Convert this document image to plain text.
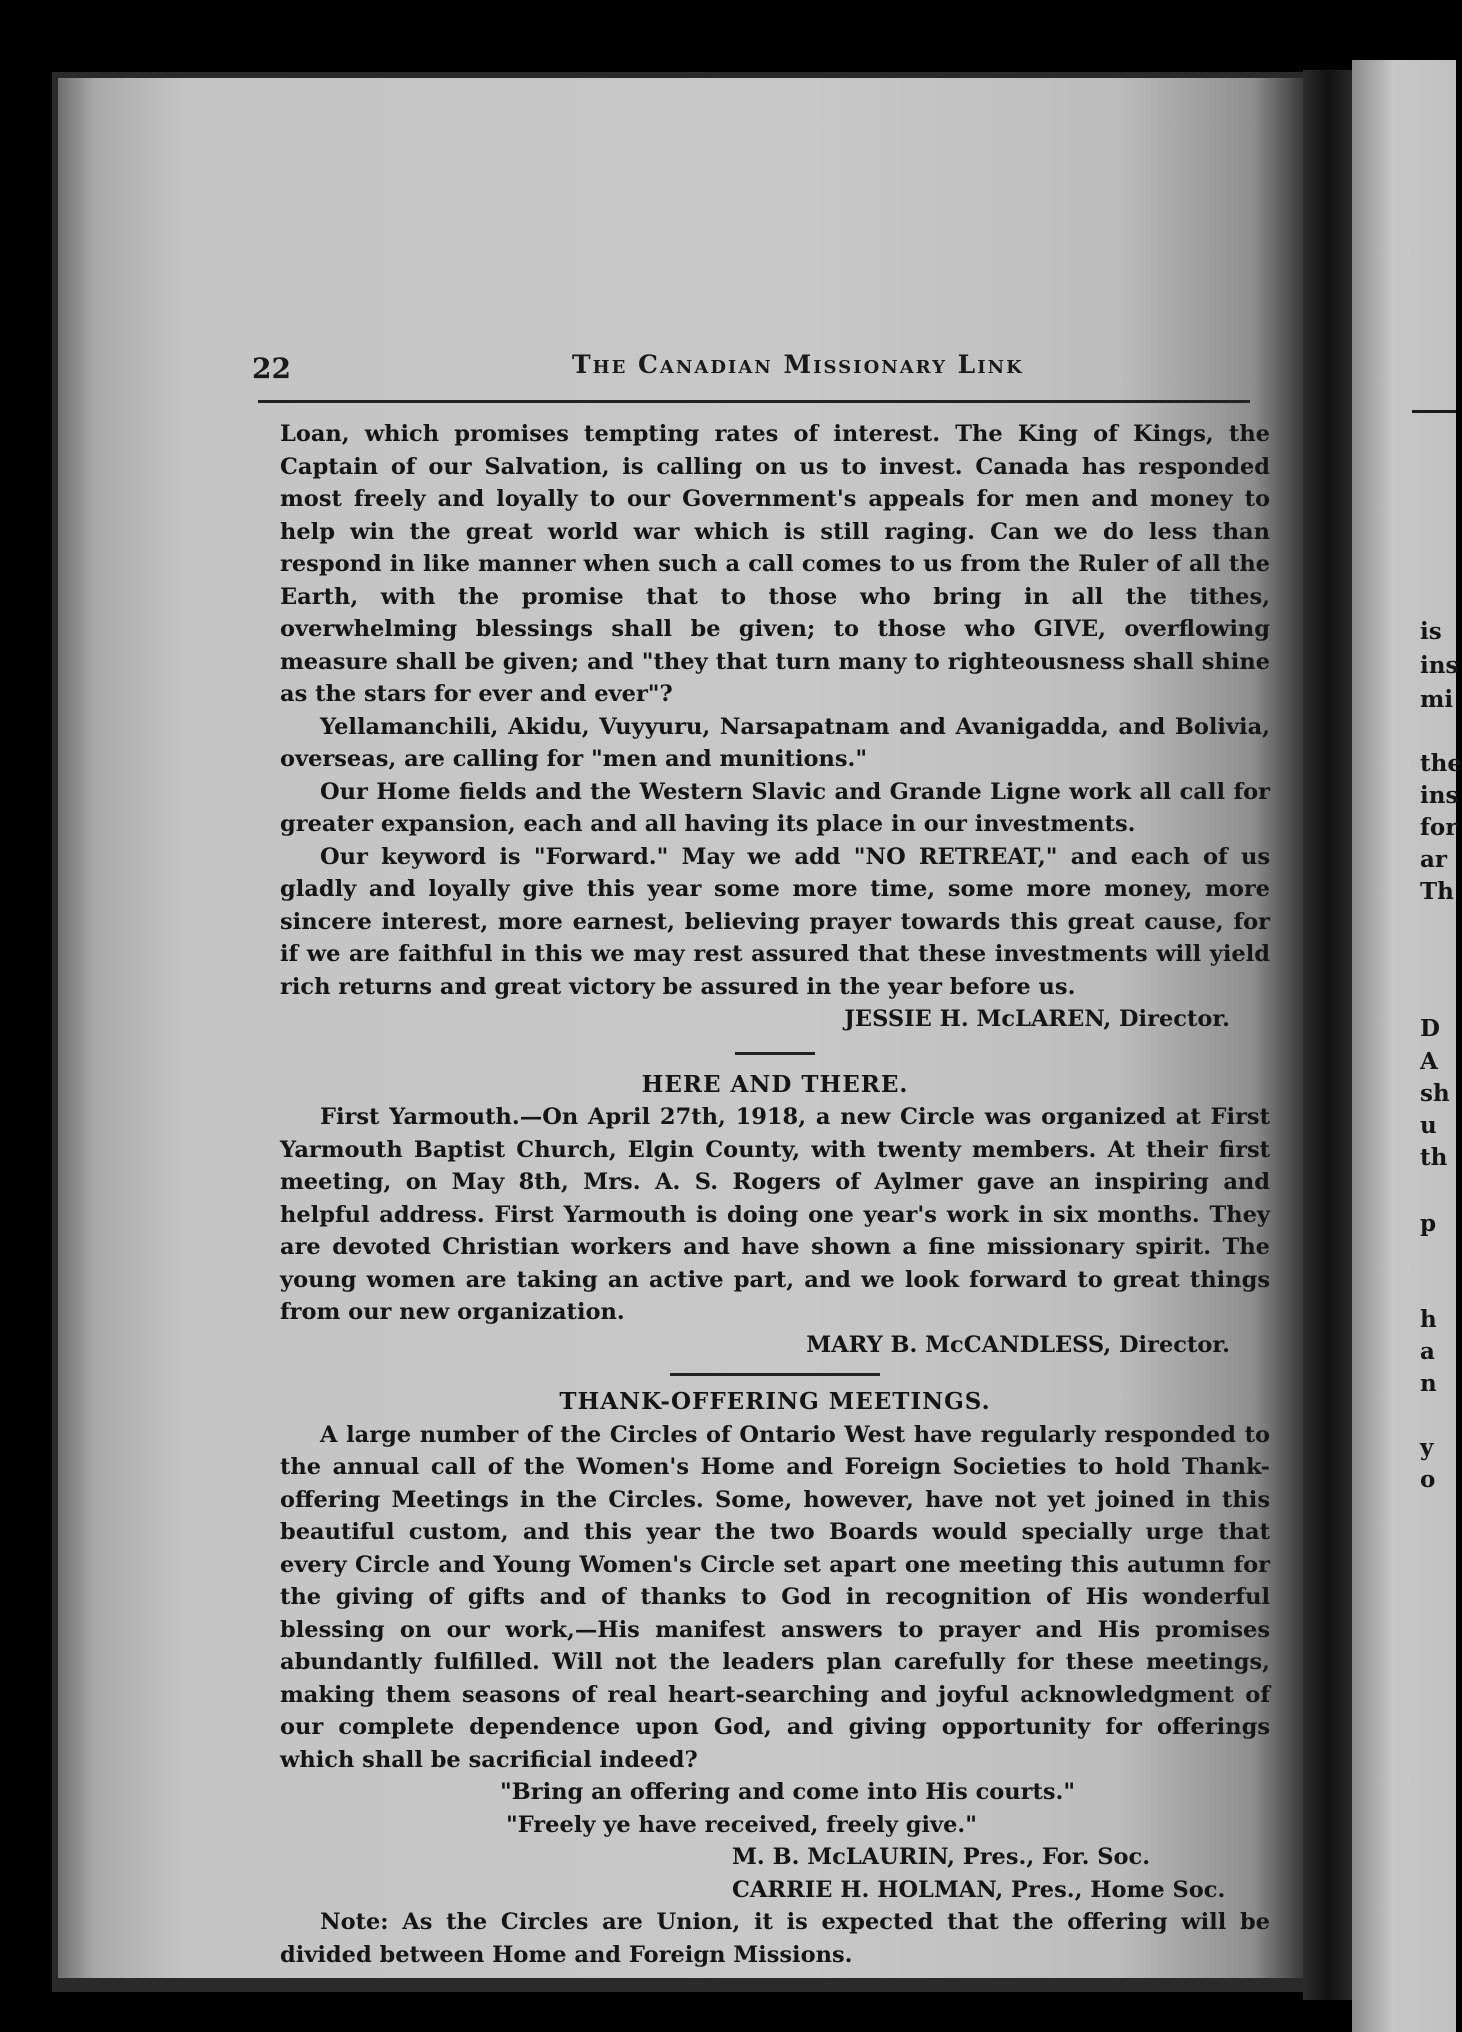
is
ins
mi
the
ins
for
ar
Th
D
A
sh
u
th
p
h
a
n
y
o
22	The Canadian Missionary Link

Loan, which promises tempting rates of interest. The King of Kings, the Captain of our Salvation, is calling on us to invest. Canada has responded most freely and loyally to our Government's appeals for men and money to help win the great world war which is still raging. Can we do less than respond in like manner when such a call comes to us from the Ruler of all the Earth, with the promise that to those who bring in all the tithes, overwhelming blessings shall be given; to those who GIVE, overflowing measure shall be given; and "they that turn many to righteousness shall shine as the stars for ever and ever"?

Yellamanchili, Akidu, Vuyyuru, Narsapatnam and Avanigadda, and Bolivia, overseas, are calling for "men and munitions."

Our Home fields and the Western Slavic and Grande Ligne work all call for greater expansion, each and all having its place in our investments.

Our keyword is "Forward." May we add "NO RETREAT," and each of us gladly and loyally give this year some more time, some more money, more sincere interest, more earnest, believing prayer towards this great cause, for if we are faithful in this we may rest assured that these investments will yield rich returns and great victory be assured in the year before us.

JESSIE H. McLAREN, Director.

HERE AND THERE.

First Yarmouth.—On April 27th, 1918, a new Circle was organized at First Yarmouth Baptist Church, Elgin County, with twenty members. At their first meeting, on May 8th, Mrs. A. S. Rogers of Aylmer gave an inspiring and helpful address. First Yarmouth is doing one year's work in six months. They are devoted Christian workers and have shown a fine missionary spirit. The young women are taking an active part, and we look forward to great things from our new organization.

MARY B. McCANDLESS, Director.

THANK-OFFERING MEETINGS.

A large number of the Circles of Ontario West have regularly responded to the annual call of the Women's Home and Foreign Societies to hold Thank-offering Meetings in the Circles. Some, however, have not yet joined in this beautiful custom, and this year the two Boards would specially urge that every Circle and Young Women's Circle set apart one meeting this autumn for the giving of gifts and of thanks to God in recognition of His wonderful blessing on our work,—His manifest answers to prayer and His promises abundantly fulfilled. Will not the leaders plan carefully for these meetings, making them seasons of real heart-searching and joyful acknowledgment of our complete dependence upon God, and giving opportunity for offerings which shall be sacrificial indeed?

"Bring an offering and come into His courts."

"Freely ye have received, freely give."

M. B. McLAURIN, Pres., For. Soc.

CARRIE H. HOLMAN, Pres., Home Soc.

Note: As the Circles are Union, it is expected that the offering will be divided between Home and Foreign Missions.
